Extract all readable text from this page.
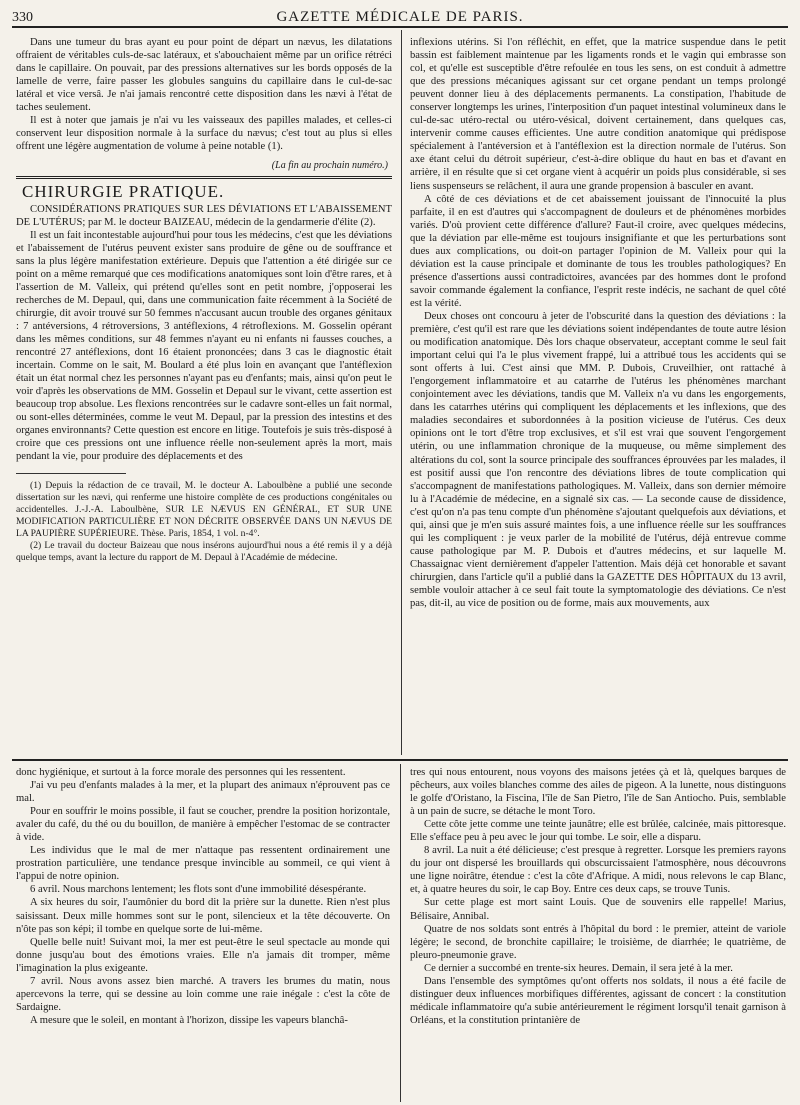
330	GAZETTE MÉDICALE DE PARIS.

Dans une tumeur du bras ayant eu pour point de départ un nævus, les dilatations offraient de véritables culs-de-sac latéraux, et s'abouchaient même par un orifice rétréci dans le capillaire. On pouvait, par des pressions alternatives sur les bords opposés de la lamelle de verre, faire passer les globules sanguins du capillaire dans le cul-de-sac latéral et vice versâ. Je n'ai jamais rencontré cette disposition dans les nævi à l'état de taches seulement.

Il est à noter que jamais je n'ai vu les vaisseaux des papilles malades, et celles-ci conservent leur disposition normale à la surface du nævus; c'est tout au plus si elles offrent une légère augmentation de volume à peine notable (1).

(La fin au prochain numéro.)
CHIRURGIE PRATIQUE.

CONSIDÉRATIONS PRATIQUES SUR LES DÉVIATIONS ET L'ABAISSEMENT DE L'UTÉRUS; par M. le docteur BAIZEAU, médecin de la gendarmerie d'élite (2).

Il est un fait incontestable aujourd'hui pour tous les médecins, c'est que les déviations et l'abaissement de l'utérus peuvent exister sans produire de gêne ou de souffrance et sans la plus légère manifestation extérieure. Depuis que l'attention a été dirigée sur ce point on a même remarqué que ces modifications anatomiques sont loin d'être rares, et à l'assertion de M. Valleix, qui prétend qu'elles sont en petit nombre, j'opposerai les recherches de M. Depaul, qui, dans une communication faite récemment à la Société de chirurgie, dit avoir trouvé sur 50 femmes n'accusant aucun trouble des organes génitaux : 7 antéversions, 4 rétroversions, 3 antéflexions, 4 rétroflexions. M. Gosselin opérant dans les mêmes conditions, sur 48 femmes n'ayant eu ni enfants ni fausses couches, a rencontré 27 antéflexions, dont 16 étaient prononcées; dans 3 cas le diagnostic était incertain. Comme on le sait, M. Boulard a été plus loin en avançant que l'antéflexion était un état normal chez les personnes n'ayant pas eu d'enfants; mais, ainsi qu'on peut le voir d'après les observations de MM. Gosselin et Depaul sur le vivant, cette assertion est beaucoup trop absolue. Les flexions rencontrées sur le cadavre sont-elles un fait normal, ou sont-elles déterminées, comme le veut M. Depaul, par la pression des intestins et des organes environnants? Cette question est encore en litige. Toutefois je suis très-disposé à croire que ces pressions ont une influence réelle non-seulement après la mort, mais pendant la vie, pour produire des déplacements et des

(1) Depuis la rédaction de ce travail, M. le docteur A. Laboulbène a publié une seconde dissertation sur les nævi, qui renferme une histoire complète de ces productions congénitales ou accidentelles. J.-J.-A. Laboulbène, SUR LE NÆVUS EN GÉNÉRAL, ET SUR UNE MODIFICATION PARTICULIÈRE ET NON DÉCRITE OBSERVÉE DANS UN NÆVUS DE LA PAUPIÈRE SUPÉRIEURE. Thèse. Paris, 1854, 1 vol. n-4°.

(2) Le travail du docteur Baizeau que nous insérons aujourd'hui nous a été remis il y a déjà quelque temps, avant la lecture du rapport de M. Depaul à l'Académie de médecine.

inflexions utérins. Si l'on réfléchit, en effet, que la matrice suspendue dans le petit bassin est faiblement maintenue par les ligaments ronds et le vagin qui embrasse son col, et qu'elle est susceptible d'être refoulée en tous les sens, on est conduit à admettre que des pressions mécaniques agissant sur cet organe pendant un temps prolongé peuvent donner lieu à des déplacements permanents. La constipation, l'habitude de conserver longtemps les urines, l'interposition d'un paquet intestinal volumineux dans le cul-de-sac utéro-rectal ou utéro-vésical, doivent certainement, dans quelques cas, intervenir comme causes efficientes. Une autre condition anatomique qui prédispose spécialement à l'antéversion et à l'antéflexion est la direction normale de l'utérus. Son axe étant celui du détroit supérieur, c'est-à-dire oblique du haut en bas et d'avant en arrière, il en résulte que si cet organe vient à acquérir un poids plus considérable, si ses liens suspenseurs se relâchent, il aura une grande propension à basculer en avant.

A côté de ces déviations et de cet abaissement jouissant de l'innocuité la plus parfaite, il en est d'autres qui s'accompagnent de douleurs et de phénomènes morbides variés. D'où provient cette différence d'allure? Faut-il croire, avec quelques médecins, que la déviation par elle-même est toujours insignifiante et que les perturbations sont dues aux complications, ou doit-on partager l'opinion de M. Valleix pour qui la déviation est la cause principale et dominante de tous les troubles pathologiques? En présence d'assertions aussi contradictoires, avancées par des hommes dont le profond savoir commande également la confiance, l'esprit reste indécis, ne sachant de quel côté est la vérité.

Deux choses ont concouru à jeter de l'obscurité dans la question des déviations : la première, c'est qu'il est rare que les déviations soient indépendantes de toute autre lésion ou modification anatomique. Dès lors chaque observateur, acceptant comme le seul fait important celui qui l'a le plus vivement frappé, lui a attribué tous les accidents qui se sont offerts à lui. C'est ainsi que MM. P. Dubois, Cruveilhier, ont rattaché à l'engorgement inflammatoire et au catarrhe de l'utérus les phénomènes marchant conjointement avec les déviations, tandis que M. Valleix n'a vu dans les engorgements, dans les catarrhes utérins qui compliquent les déplacements et les inflexions, que des maladies secondaires et subordonnées à la position vicieuse de l'utérus. Ces deux opinions ont le tort d'être trop exclusives, et s'il est vrai que souvent l'engorgement utérin, ou une inflammation chronique de la muqueuse, ou même simplement des altérations du col, sont la source principale des souffrances éprouvées par les malades, il est positif aussi que l'on rencontre des déviations libres de toute complication qui s'accompagnent de manifestations pathologiques. M. Valleix, dans son dernier mémoire lu à l'Académie de médecine, en a signalé six cas. — La seconde cause de dissidence, c'est qu'on n'a pas tenu compte d'un phénomène s'ajoutant quelquefois aux déviations, et qui, ainsi que je m'en suis assuré maintes fois, a une influence réelle sur les souffrances qui les compliquent : je veux parler de la mobilité de l'utérus, déjà entrevue comme cause pathologique par M. P. Dubois et d'autres médecins, et sur laquelle M. Chassaignac vient dernièrement d'appeler l'attention. Mais déjà cet honorable et savant chirurgien, dans l'article qu'il a publié dans la GAZETTE DES HÔPITAUX du 13 avril, semble vouloir attacher à ce seul fait toute la symptomatologie des déviations. Ce n'est pas, dit-il, au vice de position ou de forme, mais aux mouvements, aux

donc hygiénique, et surtout à la force morale des personnes qui les ressentent.

J'ai vu peu d'enfants malades à la mer, et la plupart des animaux n'éprouvent pas ce mal.

Pour en souffrir le moins possible, il faut se coucher, prendre la position horizontale, avaler du café, du thé ou du bouillon, de manière à empêcher l'estomac de se contracter à vide.

Les individus que le mal de mer n'attaque pas ressentent ordinairement une prostration particulière, une tendance presque invincible au sommeil, ce qui vient à l'appui de notre opinion.

6 avril. Nous marchons lentement; les flots sont d'une immobilité désespérante.

A six heures du soir, l'aumônier du bord dit la prière sur la dunette. Rien n'est plus saisissant. Deux mille hommes sont sur le pont, silencieux et la tête découverte. On n'ôte pas son képi; il tombe en quelque sorte de lui-même.

Quelle belle nuit! Suivant moi, la mer est peut-être le seul spectacle au monde qui donne jusqu'au bout des émotions vraies. Elle n'a jamais dit tromper, même l'imagination la plus exigeante.

7 avril. Nous avons assez bien marché. A travers les brumes du matin, nous apercevons la terre, qui se dessine au loin comme une raie inégale : c'est la côte de Sardaigne.

A mesure que le soleil, en montant à l'horizon, dissipe les vapeurs blanchâ-

tres qui nous entourent, nous voyons des maisons jetées çà et là, quelques barques de pêcheurs, aux voiles blanches comme des ailes de pigeon. A la lunette, nous distinguons le golfe d'Oristano, la Fiscina, l'île de San Pietro, l'île de San Antiocho. Puis, semblable à un pain de sucre, se détache le mont Toro.

Cette côte jette comme une teinte jaunâtre; elle est brûlée, calcinée, mais pittoresque. Elle s'efface peu à peu avec le jour qui tombe. Le soir, elle a disparu.

8 avril. La nuit a été délicieuse; c'est presque à regretter. Lorsque les premiers rayons du jour ont dispersé les brouillards qui obscurcissaient l'atmosphère, nous découvrons une ligne noirâtre, étendue : c'est la côte d'Afrique. A midi, nous relevons le cap Blanc, et, à quatre heures du soir, le cap Boy. Entre ces deux caps, se trouve Tunis.

Sur cette plage est mort saint Louis. Que de souvenirs elle rappelle! Marius, Bélisaire, Annibal.

Quatre de nos soldats sont entrés à l'hôpital du bord : le premier, atteint de variole légère; le second, de bronchite capillaire; le troisième, de diarrhée; le quatrième, de pleuro-pneumonie grave.

Ce dernier a succombé en trente-six heures. Demain, il sera jeté à la mer.

Dans l'ensemble des symptômes qu'ont offerts nos soldats, il nous a été facile de distinguer deux influences morbifiques différentes, agissant de concert : la constitution médicale inflammatoire qu'a subie antérieurement le régiment lorsqu'il tenait garnison à Orléans, et la constitution printanière de
